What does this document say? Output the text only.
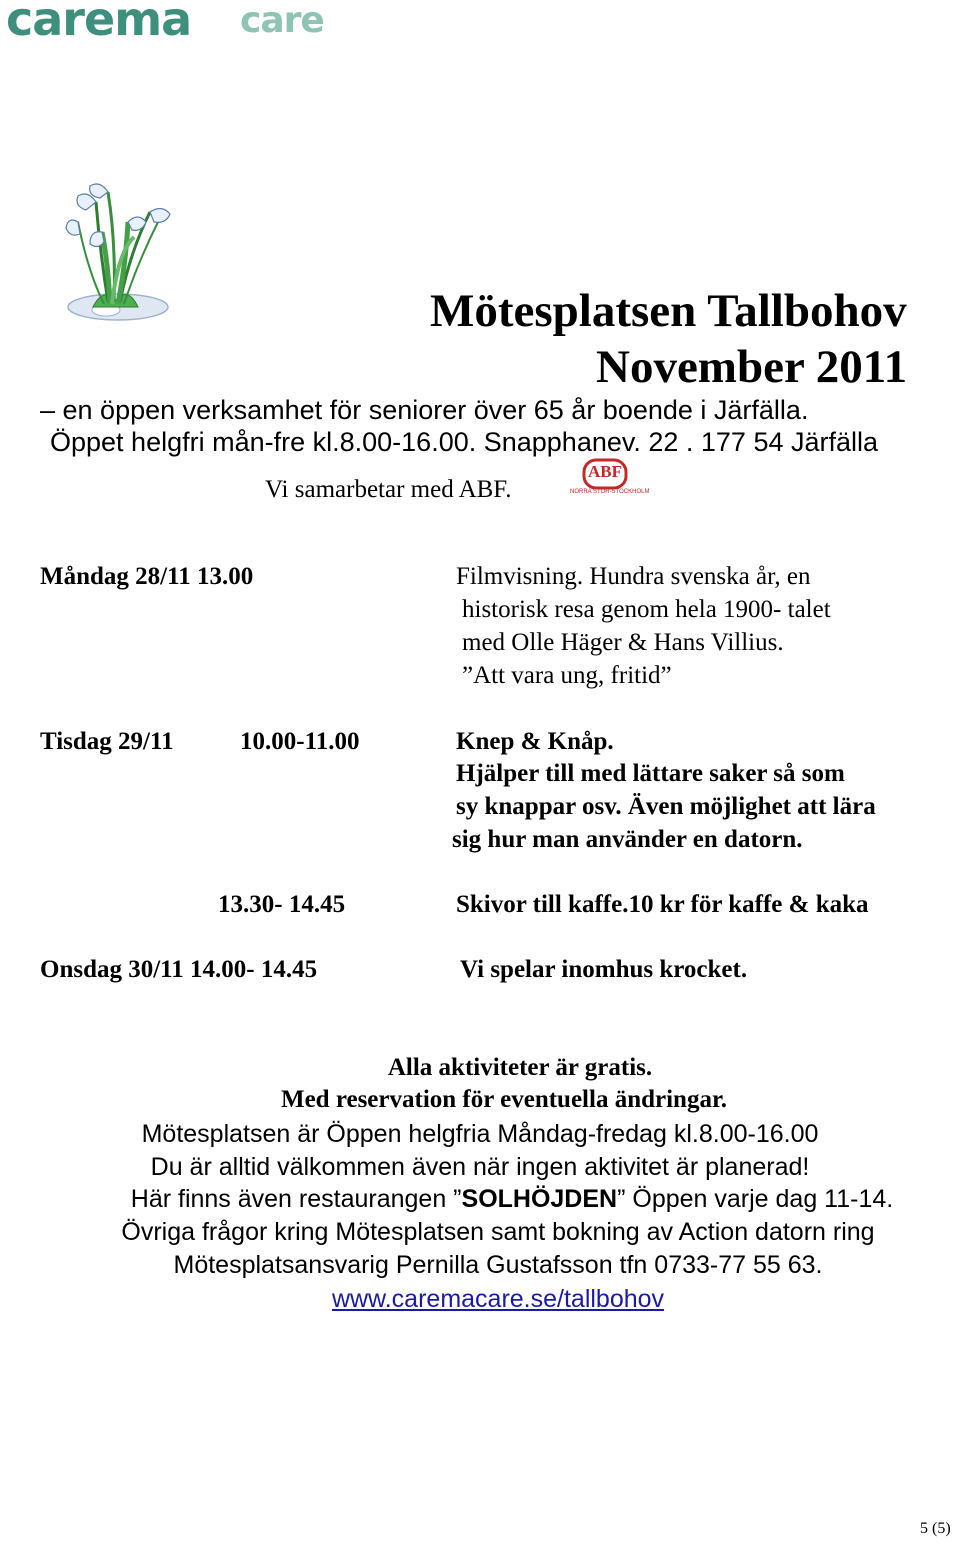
carema care
Mötesplatsen Tallbohov
November 2011
– en öppen verksamhet för seniorer över 65 år boende i Järfälla.
Öppet helgfri mån-fre kl.8.00-16.00. Snapphanev. 22 . 177 54 Järfälla
Vi samarbetar med ABF.
ABF
NORRA STOR-STOCKHOLM
Måndag 28/11 13.00	Filmvisning. Hundra svenska år, en
historisk resa genom hela 1900- talet
med Olle Häger & Hans Villius.
”Att vara ung, fritid”
Tisdag 29/11	10.00-11.00	Knep & Knåp.
Hjälper till med lättare saker så som
sy knappar osv. Även möjlighet att lära
sig hur man använder en datorn.
13.30- 14.45	Skivor till kaffe.10 kr för kaffe & kaka
Onsdag 30/11 14.00- 14.45	Vi spelar inomhus krocket.
Alla aktiviteter är gratis.
Med reservation för eventuella ändringar.
Mötesplatsen är Öppen helgfria Måndag-fredag kl.8.00-16.00
Du är alltid välkommen även när ingen aktivitet är planerad!
Här finns även restaurangen ”SOLHÖJDEN” Öppen varje dag 11-14.
Övriga frågor kring Mötesplatsen samt bokning av Action datorn ring
Mötesplatsansvarig Pernilla Gustafsson tfn 0733-77 55 63.
www.caremacare.se/tallbohov
5 (5)
